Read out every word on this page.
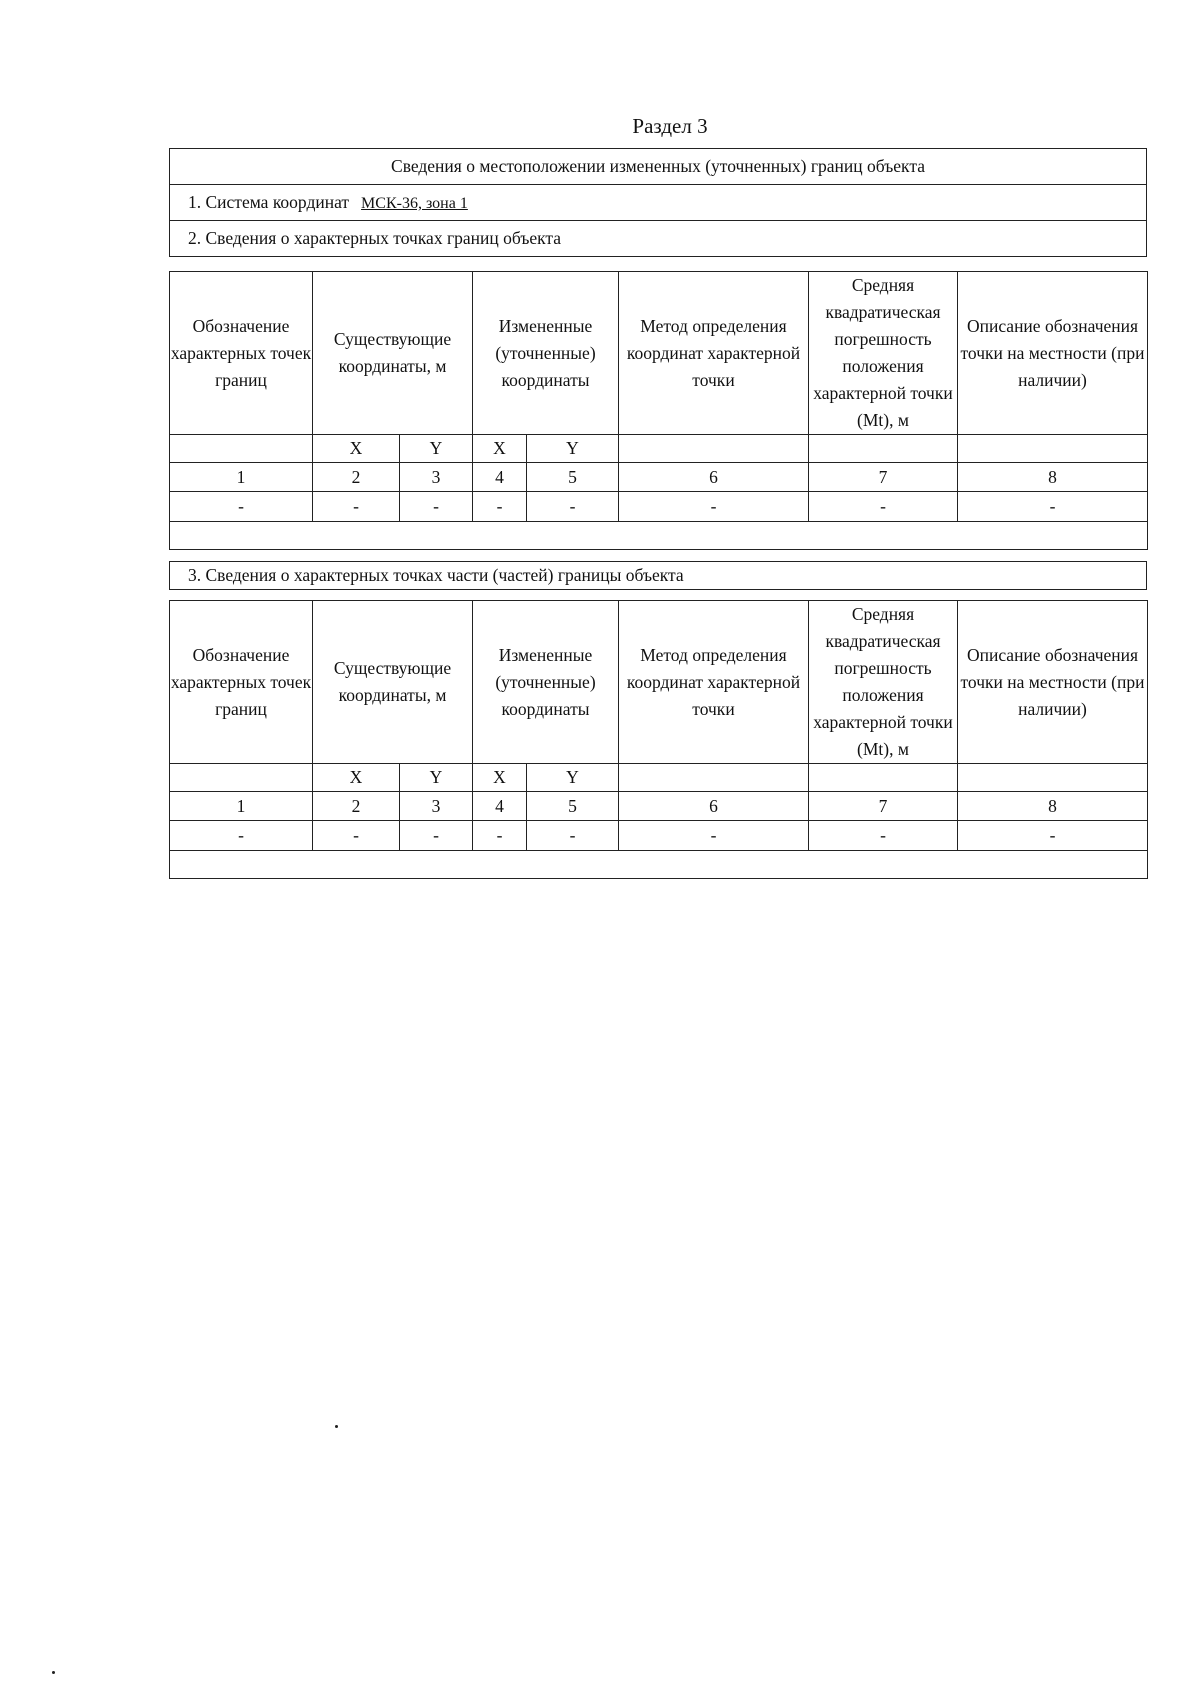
Раздел 3
Сведения о местоположении измененных (уточненных) границ объекта
1. Система координат МСК-36, зона 1
2. Сведения о характерных точках границ объекта
Обозначение характерных точек границ	Существующие координаты, м		Измененные (уточненные) координаты		Метод определения координат характерной точки	Средняя квадратическая погрешность положения характерной точки (Mt), м	Описание обозначения точки на местности (при наличии)
	X	Y	X	Y			
1	2	3	4	5	6	7	8
-	-	-	-	-	-	-	-

3. Сведения о характерных точках части (частей) границы объекта
Обозначение характерных точек границ	Существующие координаты, м		Измененные (уточненные) координаты		Метод определения координат характерной точки	Средняя квадратическая погрешность положения характерной точки (Mt), м	Описание обозначения точки на местности (при наличии)
	X	Y	X	Y			
1	2	3	4	5	6	7	8
-	-	-	-	-	-	-	-
